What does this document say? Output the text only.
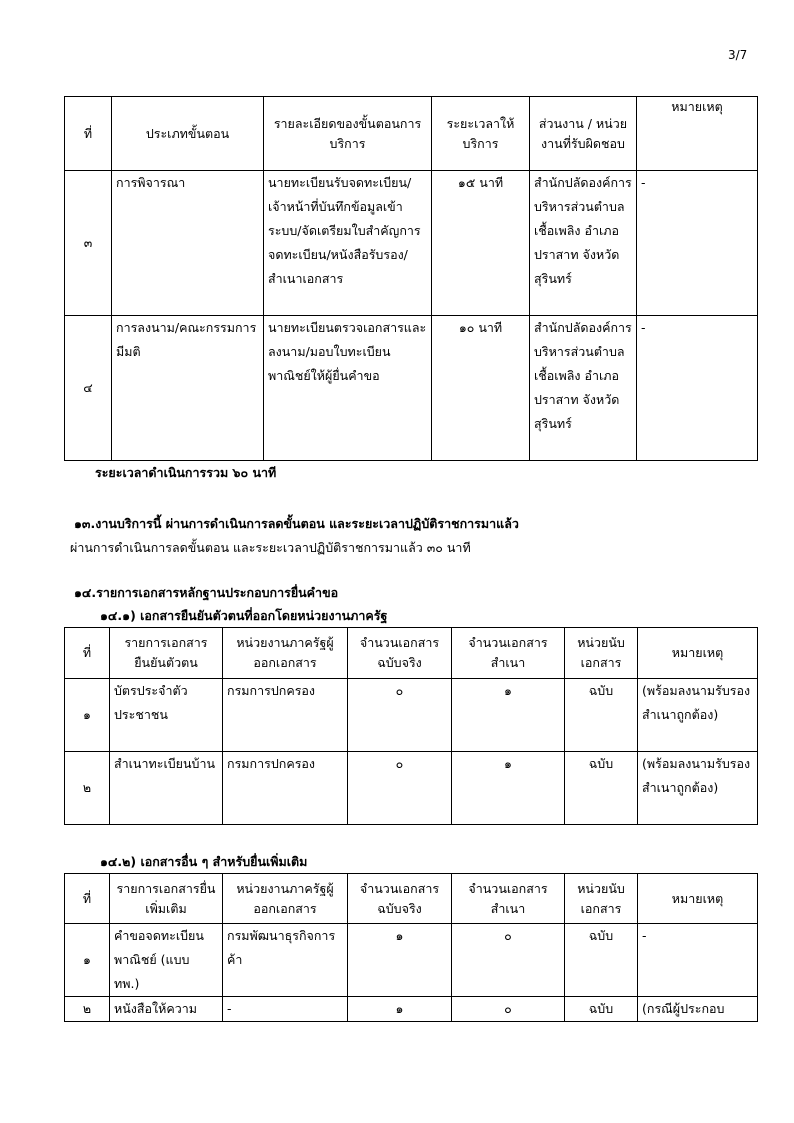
3/7
ที่	ประเภทขั้นตอน	รายละเอียดของขั้นตอนการบริการ	ระยะเวลาให้บริการ	ส่วนงาน / หน่วยงานที่รับผิดชอบ	หมายเหตุ
๓	การพิจารณา	นายทะเบียนรับจดทะเบียน/เจ้าหน้าที่บันทึกข้อมูลเข้าระบบ/จัดเตรียมใบสำคัญการจดทะเบียน/หนังสือรับรอง/สำเนาเอกสาร	๑๕ นาที	สำนักปลัดองค์การบริหารส่วนตำบลเชื้อเพลิง อำเภอปราสาท จังหวัดสุรินทร์	-
๔	การลงนาม/คณะกรรมการมีมติ	นายทะเบียนตรวจเอกสารและลงนาม/มอบใบทะเบียนพาณิชย์ให้ผู้ยื่นคำขอ	๑๐ นาที	สำนักปลัดองค์การบริหารส่วนตำบลเชื้อเพลิง อำเภอปราสาท จังหวัดสุรินทร์	-
ระยะเวลาดำเนินการรวม ๖๐ นาที
๑๓.งานบริการนี้ ผ่านการดำเนินการลดขั้นตอน และระยะเวลาปฏิบัติราชการมาแล้ว
ผ่านการดำเนินการลดขั้นตอน และระยะเวลาปฏิบัติราชการมาแล้ว ๓๐ นาที
๑๔.รายการเอกสารหลักฐานประกอบการยื่นคำขอ
๑๔.๑) เอกสารยืนยันตัวตนที่ออกโดยหน่วยงานภาครัฐ
ที่	รายการเอกสารยืนยันตัวตน	หน่วยงานภาครัฐผู้ออกเอกสาร	จำนวนเอกสารฉบับจริง	จำนวนเอกสารสำเนา	หน่วยนับเอกสาร	หมายเหตุ
๑	บัตรประจำตัวประชาชน	กรมการปกครอง	๐	๑	ฉบับ	(พร้อมลงนามรับรองสำเนาถูกต้อง)
๒	สำเนาทะเบียนบ้าน	กรมการปกครอง	๐	๑	ฉบับ	(พร้อมลงนามรับรองสำเนาถูกต้อง)
๑๔.๒) เอกสารอื่น ๆ สำหรับยื่นเพิ่มเติม
ที่	รายการเอกสารยื่นเพิ่มเติม	หน่วยงานภาครัฐผู้ออกเอกสาร	จำนวนเอกสารฉบับจริง	จำนวนเอกสารสำเนา	หน่วยนับเอกสาร	หมายเหตุ
๑	คำขอจดทะเบียนพาณิชย์ (แบบ ทพ.)	กรมพัฒนาธุรกิจการค้า	๑	๐	ฉบับ	-
๒	หนังสือให้ความ	-	๑	๐	ฉบับ	(กรณีผู้ประกอบ
